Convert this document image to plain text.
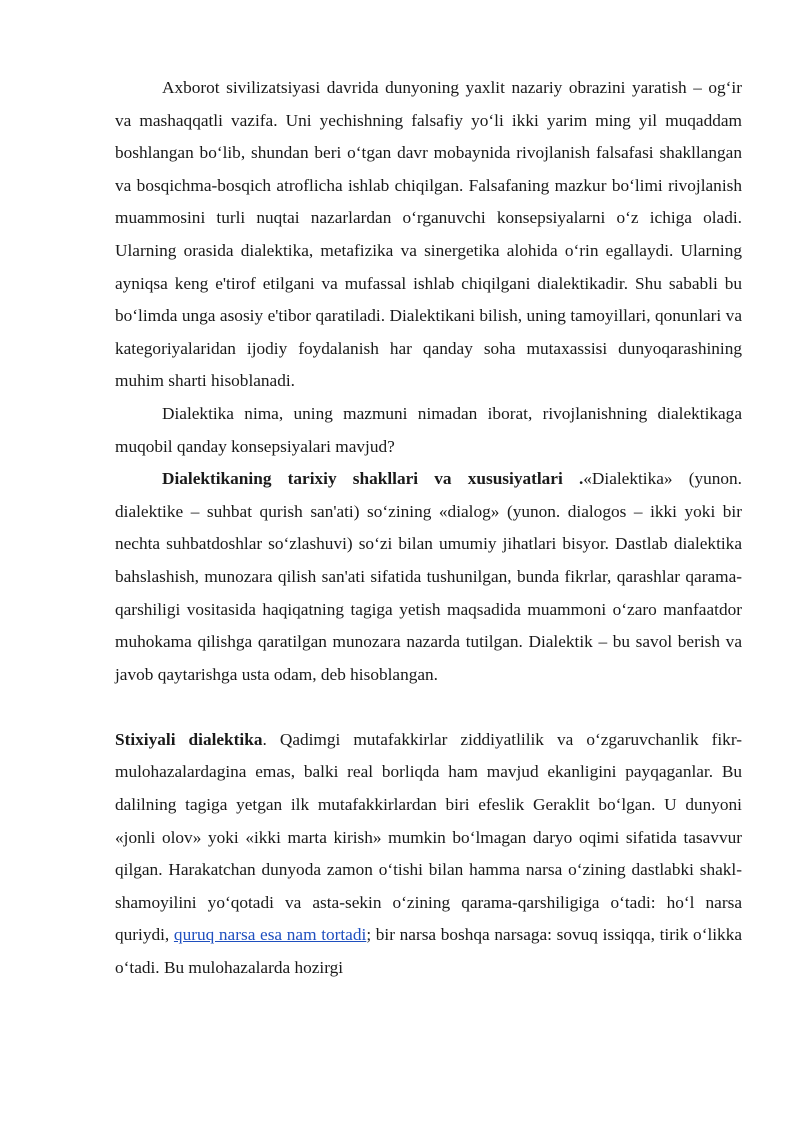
Axborot sivilizatsiyasi davrida dunyoning yaxlit nazariy obrazini yaratish – og‘ir va mashaqqatli vazifa. Uni yechishning falsafiy yo‘li ikki yarim ming yil muqaddam boshlangan bo‘lib, shundan beri o‘tgan davr mobaynida rivojlanish falsafasi shakllangan va bosqichma-bosqich atroflicha ishlab chiqilgan. Falsafaning mazkur bo‘limi rivojlanish muammosini turli nuqtai nazarlardan o‘rganuvchi konsepsiyalarni o‘z ichiga oladi. Ularning orasida dialektika, metafizika va sinergetika alohida o‘rin egallaydi. Ularning ayniqsa keng e'tirof etilgani va mufassal ishlab chiqilgani dialektikadir. Shu sababli bu bo‘limda unga asosiy e'tibor qaratiladi. Dialektikani bilish, uning tamoyillari, qonunlari va kategoriyalaridan ijodiy foydalanish har qanday soha mutaxassisi dunyoqarashining muhim sharti hisoblanadi.

Dialektika nima, uning mazmuni nimadan iborat, rivojlanishning dialektikaga muqobil qanday konsepsiyalari mavjud?

Dialektikaning tarixiy shakllari va xususiyatlari .«Dialektika» (yunon. dialektike – suhbat qurish san'ati) so‘zining «dialog» (yunon. dialogos – ikki yoki bir nechta suhbatdoshlar so‘zlashuvi) so‘zi bilan umumiy jihatlari bisyor. Dastlab dialektika bahslashish, munozara qilish san'ati sifatida tushunilgan, bunda fikrlar, qarashlar qarama-qarshiligi vositasida haqiqatning tagiga yetish maqsadida muammoni o‘zaro manfaatdor muhokama qilishga qaratilgan munozara nazarda tutilgan. Dialektik – bu savol berish va javob qaytarishga usta odam, deb hisoblangan.

Stixiyali dialektika. Qadimgi mutafakkirlar ziddiyatlilik va o‘zgaruvchanlik fikr-mulohazalardagina emas, balki real borliqda ham mavjud ekanligini payqaganlar. Bu dalilning tagiga yetgan ilk mutafakkirlardan biri efeslik Geraklit bo‘lgan. U dunyoni «jonli olov» yoki «ikki marta kirish» mumkin bo‘lmagan daryo oqimi sifatida tasavvur qilgan. Harakatchan dunyoda zamon o‘tishi bilan hamma narsa o‘zining dastlabki shakl-shamoyilini yo‘qotadi va asta-sekin o‘zining qarama-qarshiligiga o‘tadi: ho‘l narsa quriydi, quruq narsa esa nam tortadi; bir narsa boshqa narsaga: sovuq issiqqa, tirik o‘likka o‘tadi. Bu mulohazalarda hozirgi
